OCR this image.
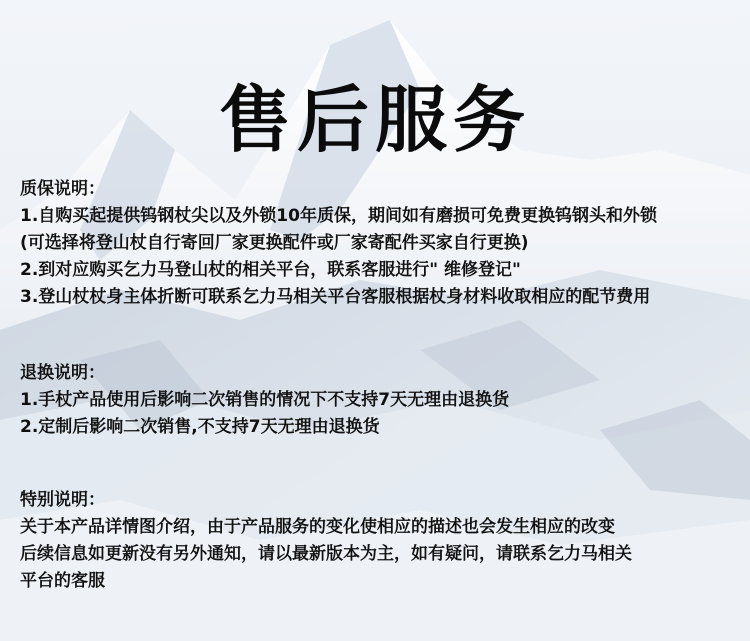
售后服务

质保说明：

1.自购买起提供钨钢杖尖以及外锁10年质保，期间如有磨损可免费更换钨钢头和外锁

(可选择将登山杖自行寄回厂家更换配件或厂家寄配件买家自行更换)

2.到对应购买乞力马登山杖的相关平台，联系客服进行" 维修登记"

3.登山杖杖身主体折断可联系乞力马相关平台客服根据杖身材料收取相应的配节费用

退换说明：

1.手杖产品使用后影响二次销售的情况下不支持7天无理由退换货

2.定制后影响二次销售,不支持7天无理由退换货

特别说明：

关于本产品详情图介绍，由于产品服务的变化使相应的描述也会发生相应的改变

后续信息如更新没有另外通知，请以最新版本为主，如有疑问，请联系乞力马相关

平台的客服
